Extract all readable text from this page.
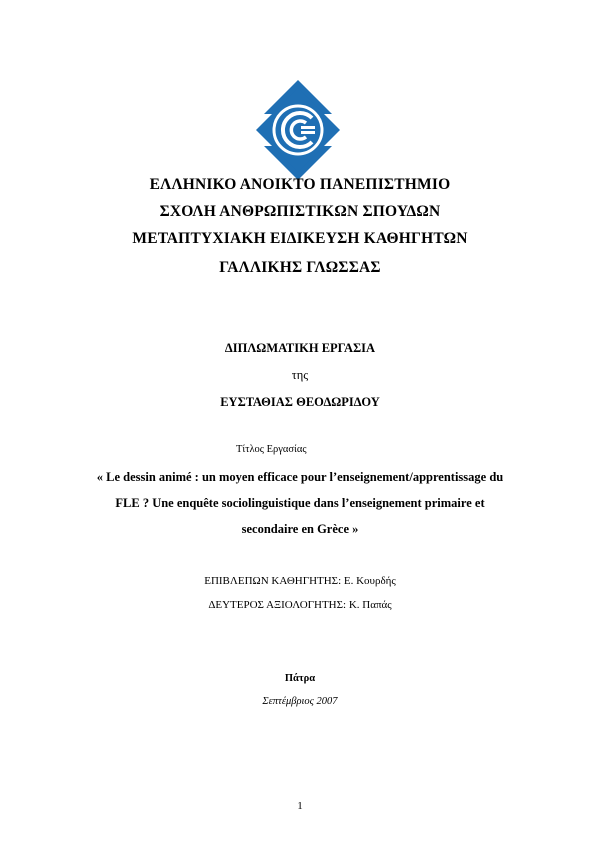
ΕΛΛΗΝΙΚΟ ΑΝΟΙΚΤΟ ΠΑΝΕΠΙΣΤΗΜΙΟ
ΣΧΟΛΗ ΑΝΘΡΩΠΙΣΤΙΚΩΝ ΣΠΟΥΔΩΝ
ΜΕΤΑΠΤΥΧΙΑΚΗ ΕΙΔΙΚΕΥΣΗ ΚΑΘΗΓΗΤΩΝ
ΓΑΛΛΙΚΗΣ ΓΛΩΣΣΑΣ
ΔΙΠΛΩΜΑΤΙΚΗ ΕΡΓΑΣΙΑ
της
ΕΥΣΤΑΘΙΑΣ ΘΕΟΔΩΡΙΔΟΥ
Τίτλος Εργασίας
« Le dessin animé : un moyen efficace pour l’enseignement/apprentissage du
FLE ? Une enquête sociolinguistique dans l’enseignement primaire et
secondaire en Grèce »
ΕΠΙΒΛΕΠΩΝ ΚΑΘΗΓΗΤΗΣ: Ε. Κουρδής
ΔΕΥΤΕΡΟΣ ΑΞΙΟΛΟΓΗΤΗΣ: Κ. Παπάς
Πάτρα
Σεπτέμβριος 2007
1
